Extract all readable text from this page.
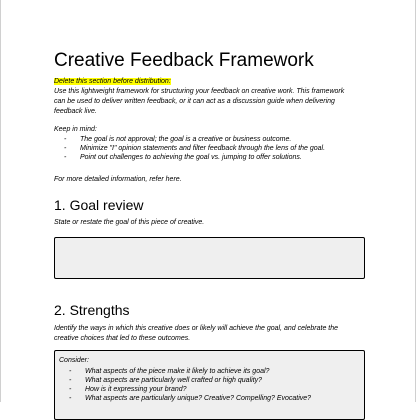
Creative Feedback Framework
Delete this section before distribution:
Use this lightweight framework for structuring your feedback on creative work. This framework
can be used to deliver written feedback, or it can act as a discussion guide when delivering
feedback live.
Keep in mind:
- The goal is not approval; the goal is a creative or business outcome.
- Minimize "I" opinion statements and filter feedback through the lens of the goal.
- Point out challenges to achieving the goal vs. jumping to offer solutions.
For more detailed information, refer here.
1. Goal review
State or restate the goal of this piece of creative.
2. Strengths
Identify the ways in which this creative does or likely will achieve the goal, and celebrate the
creative choices that led to these outcomes.
Consider:
- What aspects of the piece make it likely to achieve its goal?
- What aspects are particularly well crafted or high quality?
- How is it expressing your brand?
- What aspects are particularly unique? Creative? Compelling? Evocative?
